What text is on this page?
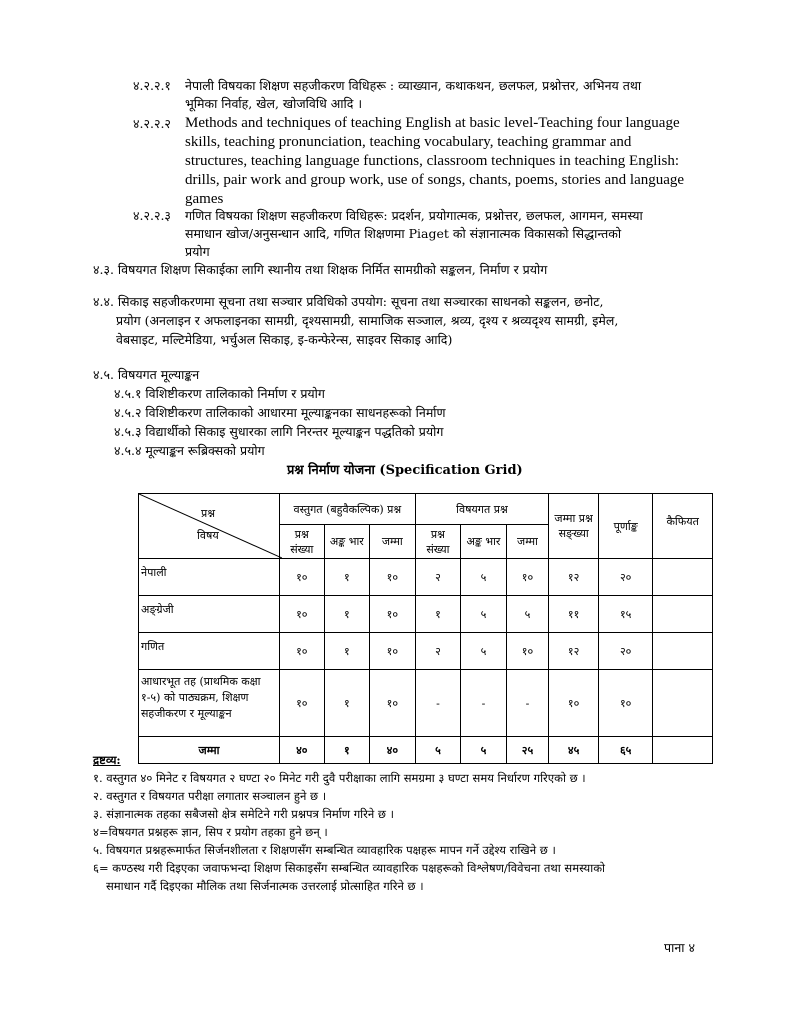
४.२.२.१ नेपाली विषयका शिक्षण सहजीकरण विधिहरू : व्याख्यान, कथाकथन, छलफल, प्रश्नोत्तर, अभिनय तथा
भूमिका निर्वाह, खेल, खोजविधि आदि ।
४.२.२.२ Methods and techniques of teaching English at basic level-Teaching four language
skills, teaching pronunciation, teaching vocabulary, teaching grammar and
structures, teaching language functions, classroom techniques in teaching English:
drills, pair work and group work, use of songs, chants, poems, stories and language
games
४.२.२.३ गणित विषयका शिक्षण सहजीकरण विधिहरू: प्रदर्शन, प्रयोगात्मक, प्रश्नोत्तर, छलफल, आगमन, समस्या
समाधान खोज/अनुसन्धान आदि, गणित शिक्षणमा Piaget को संज्ञानात्मक विकासको सिद्धान्तको
प्रयोग
४.३. विषयगत शिक्षण सिकाईका लागि स्थानीय तथा शिक्षक निर्मित सामग्रीको सङ्कलन, निर्माण र प्रयोग
४.४. सिकाइ सहजीकरणमा सूचना तथा सञ्चार प्रविधिको उपयोग: सूचना तथा सञ्चारका साधनको सङ्कलन, छनोट,
प्रयोग (अनलाइन र अफलाइनका सामग्री, दृश्यसामग्री, सामाजिक सञ्जाल, श्रव्य, दृश्य र श्रव्यदृश्य सामग्री, इमेल,
वेबसाइट, मल्टिमेडिया, भर्चुअल सिकाइ, इ-कन्फेरेन्स, साइवर सिकाइ आदि)
४.५. विषयगत मूल्याङ्कन
४.५.१ विशिष्टीकरण तालिकाको निर्माण र प्रयोग
४.५.२ विशिष्टीकरण तालिकाको आधारमा मूल्याङ्कनका साधनहरूको निर्माण
४.५.३ विद्यार्थीको सिकाइ सुधारका लागि निरन्तर मूल्याङ्कन पद्धतिको प्रयोग
४.५.४ मूल्याङ्कन रूब्रिक्सको प्रयोग
प्रश्न निर्माण योजना (Specification Grid)
प्रश्न
विषय	वस्तुगत (बहुवैकल्पिक) प्रश्न			विषयगत प्रश्न			जम्मा प्रश्न सङ्ख्या	पूर्णाङ्क	कैफियत
	प्रश्न संख्या	अङ्क भार	जम्मा	प्रश्न संख्या	अङ्क भार	जम्मा			
नेपाली	१०	१	१०	२	५	१०	१२	२०	
अङ्ग्रेजी	१०	१	१०	१	५	५	११	१५	
गणित	१०	१	१०	२	५	१०	१२	२०	
आधारभूत तह (प्राथमिक कक्षा १-५) को पाठ्यक्रम, शिक्षण सहजीकरण र मूल्याङ्कन	१०	१	१०	-	-	-	१०	१०	
जम्मा	४०	१	४०	५	५	२५	४५	६५	
द्रष्टव्य:
१. वस्तुगत ४० मिनेट र विषयगत २ घण्टा २० मिनेट गरी दुवै परीक्षाका लागि समग्रमा ३ घण्टा समय निर्धारण गरिएको छ ।
२. वस्तुगत र विषयगत परीक्षा लगातार सञ्चालन हुने छ ।
३. संज्ञानात्मक तहका सबैजसो क्षेत्र समेटिने गरी प्रश्नपत्र निर्माण गरिने छ ।
४=विषयगत प्रश्नहरू ज्ञान, सिप र प्रयोग तहका हुने छन् ।
५. विषयगत प्रश्नहरूमार्फत सिर्जनशीलता र शिक्षणसँग सम्बन्धित व्यावहारिक पक्षहरू मापन गर्ने उद्देश्य राखिने छ ।
६= कण्ठस्थ गरी दिइएका जवाफभन्दा शिक्षण सिकाइसँग सम्बन्धित व्यावहारिक पक्षहरूको विश्लेषण/विवेचना तथा समस्याको
समाधान गर्दै दिइएका मौलिक तथा सिर्जनात्मक उत्तरलाई प्रोत्साहित गरिने छ ।
पाना ४
